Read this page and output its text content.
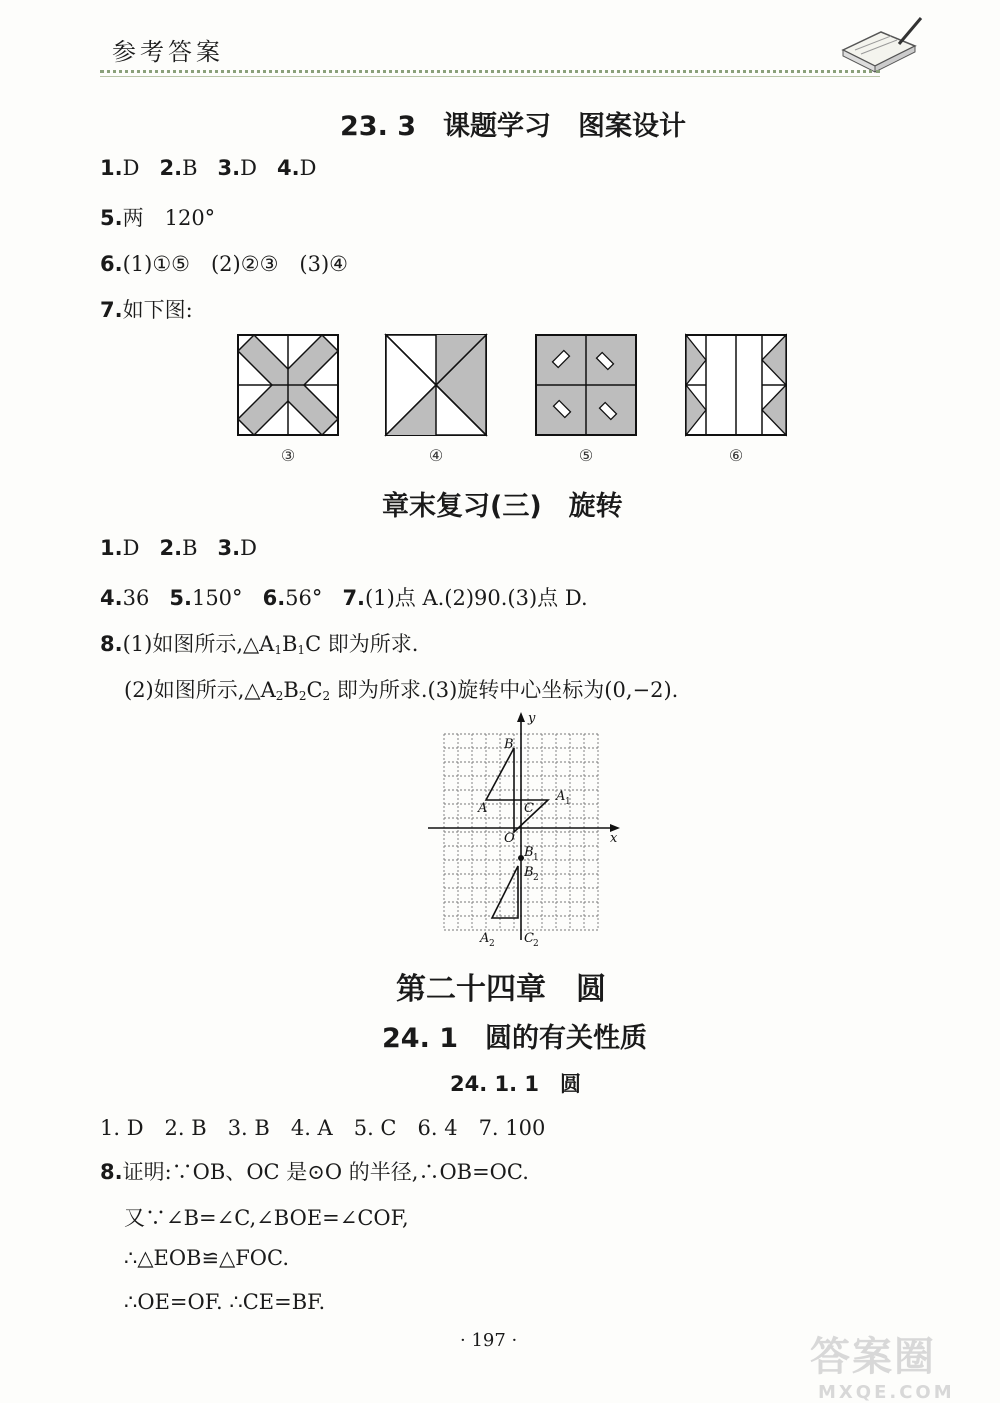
参考答案
23. 3　课题学习　图案设计
1.D 2.B 3.D 4.D
5.两　120°
6.(1)①⑤　(2)②③　(3)④
7.如下图:
③	④	⑤	⑥
章末复习(三)　旋转
1.D 2.B 3.D
4.36 5.150° 6.56° 7.(1)点 A.(2)90.(3)点 D.
8.(1)如图所示$,\triangle A_1B_1C$ 即为所求.
(2)如图所示$,\triangle A_2B_2C_2$ 即为所求.(3)旋转中心坐标为(0,−2).
y
x
O
B
A	C
A 1
B 1
B 2
A 2 C 2
第二十四章　圆
24. 1　圆的有关性质
24. 1. 1　圆
1. D　2. B　3. B　4. A　5. C　6. 4　7. 100
8.证明:∵OB、OC 是⊙O 的半径,∴OB=OC.
又∵∠B=∠C,∠BOE=∠COF,
∴△EOB≌△FOC.
∴OE=OF. ∴CE=BF.
· 197 ·	答案圈
MXQE.COM
